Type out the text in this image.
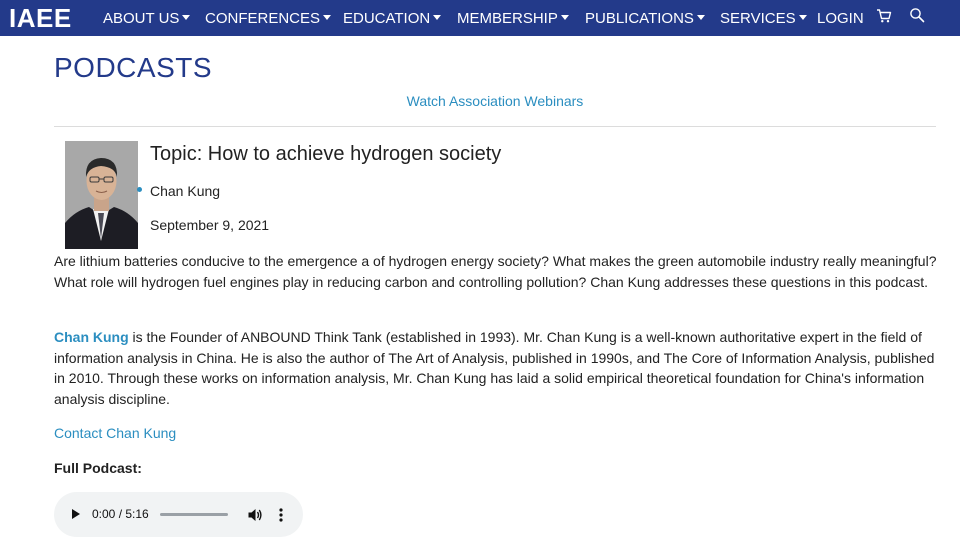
IAEE ABOUT US	CONFERENCES	EDUCATION	MEMBERSHIP	PUBLICATIONS	SERVICES	LOGIN
PODCASTS
Watch Association Webinars
Topic: How to achieve hydrogen society
Chan Kung
September 9, 2021

Are lithium batteries conducive to the emergence a of hydrogen energy society? What makes the green automobile industry really meaningful? What role will hydrogen fuel engines play in reducing carbon and controlling pollution? Chan Kung addresses these questions in this podcast.

Chan Kung is the Founder of ANBOUND Think Tank (established in 1993). Mr. Chan Kung is a well-known authoritative expert in the field of information analysis in China. He is also the author of The Art of Analysis, published in 1990s, and The Core of Information Analysis, published in 2010. Through these works on information analysis, Mr. Chan Kung has laid a solid empirical theoretical foundation for China's information analysis discipline.

Contact Chan Kung
Full Podcast:
0:00 / 5:16
